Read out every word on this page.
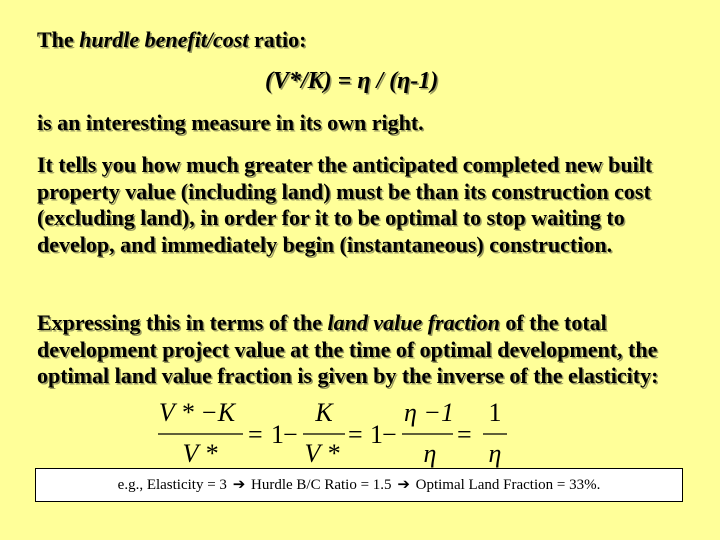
The hurdle benefit/cost ratio:
(V*/K) = η / (η-1)
is an interesting measure in its own right.

It tells you how much greater the anticipated completed new built property value (including land) must be than its construction cost (excluding land), in order for it to be optimal to stop waiting to develop, and immediately begin (instantaneous) construction.

Expressing this in terms of the land value fraction of the total development project value at the time of optimal development, the optimal land value fraction is given by the inverse of the elasticity:

V * −K
V *
K
V *
η −1
η
1
η
= 1 − = 1 − =
e.g., Elasticity = 3 ➔ Hurdle B/C Ratio = 1.5 ➔ Optimal Land Fraction = 33%.
